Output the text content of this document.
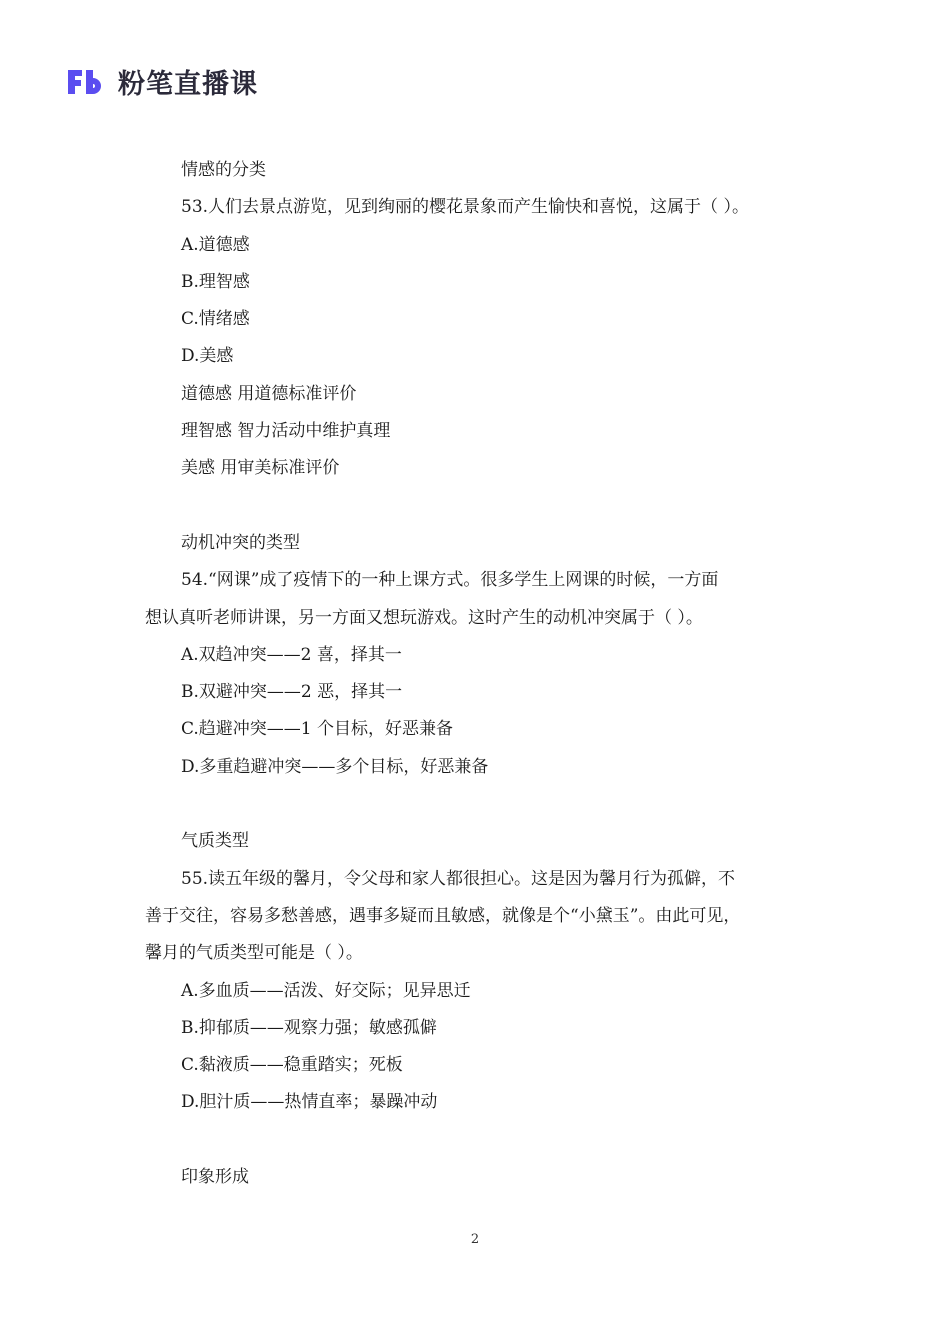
粉笔直播课
情感的分类
53.人们去景点游览，见到绚丽的樱花景象而产生愉快和喜悦，这属于（ ）。
A.道德感
B.理智感
C.情绪感
D.美感
道德感 用道德标准评价
理智感 智力活动中维护真理
美感 用审美标准评价
动机冲突的类型
54.“网课”成了疫情下的一种上课方式。很多学生上网课的时候，一方面
想认真听老师讲课，另一方面又想玩游戏。这时产生的动机冲突属于（ ）。
A.双趋冲突——2 喜，择其一
B.双避冲突——2 恶，择其一
C.趋避冲突——1 个目标，好恶兼备
D.多重趋避冲突——多个目标，好恶兼备
气质类型
55.读五年级的馨月，令父母和家人都很担心。这是因为馨月行为孤僻，不
善于交往，容易多愁善感，遇事多疑而且敏感，就像是个“小黛玉”。由此可见，
馨月的气质类型可能是（ ）。
A.多血质——活泼、好交际；见异思迁
B.抑郁质——观察力强；敏感孤僻
C.黏液质——稳重踏实；死板
D.胆汁质——热情直率；暴躁冲动
印象形成
2
